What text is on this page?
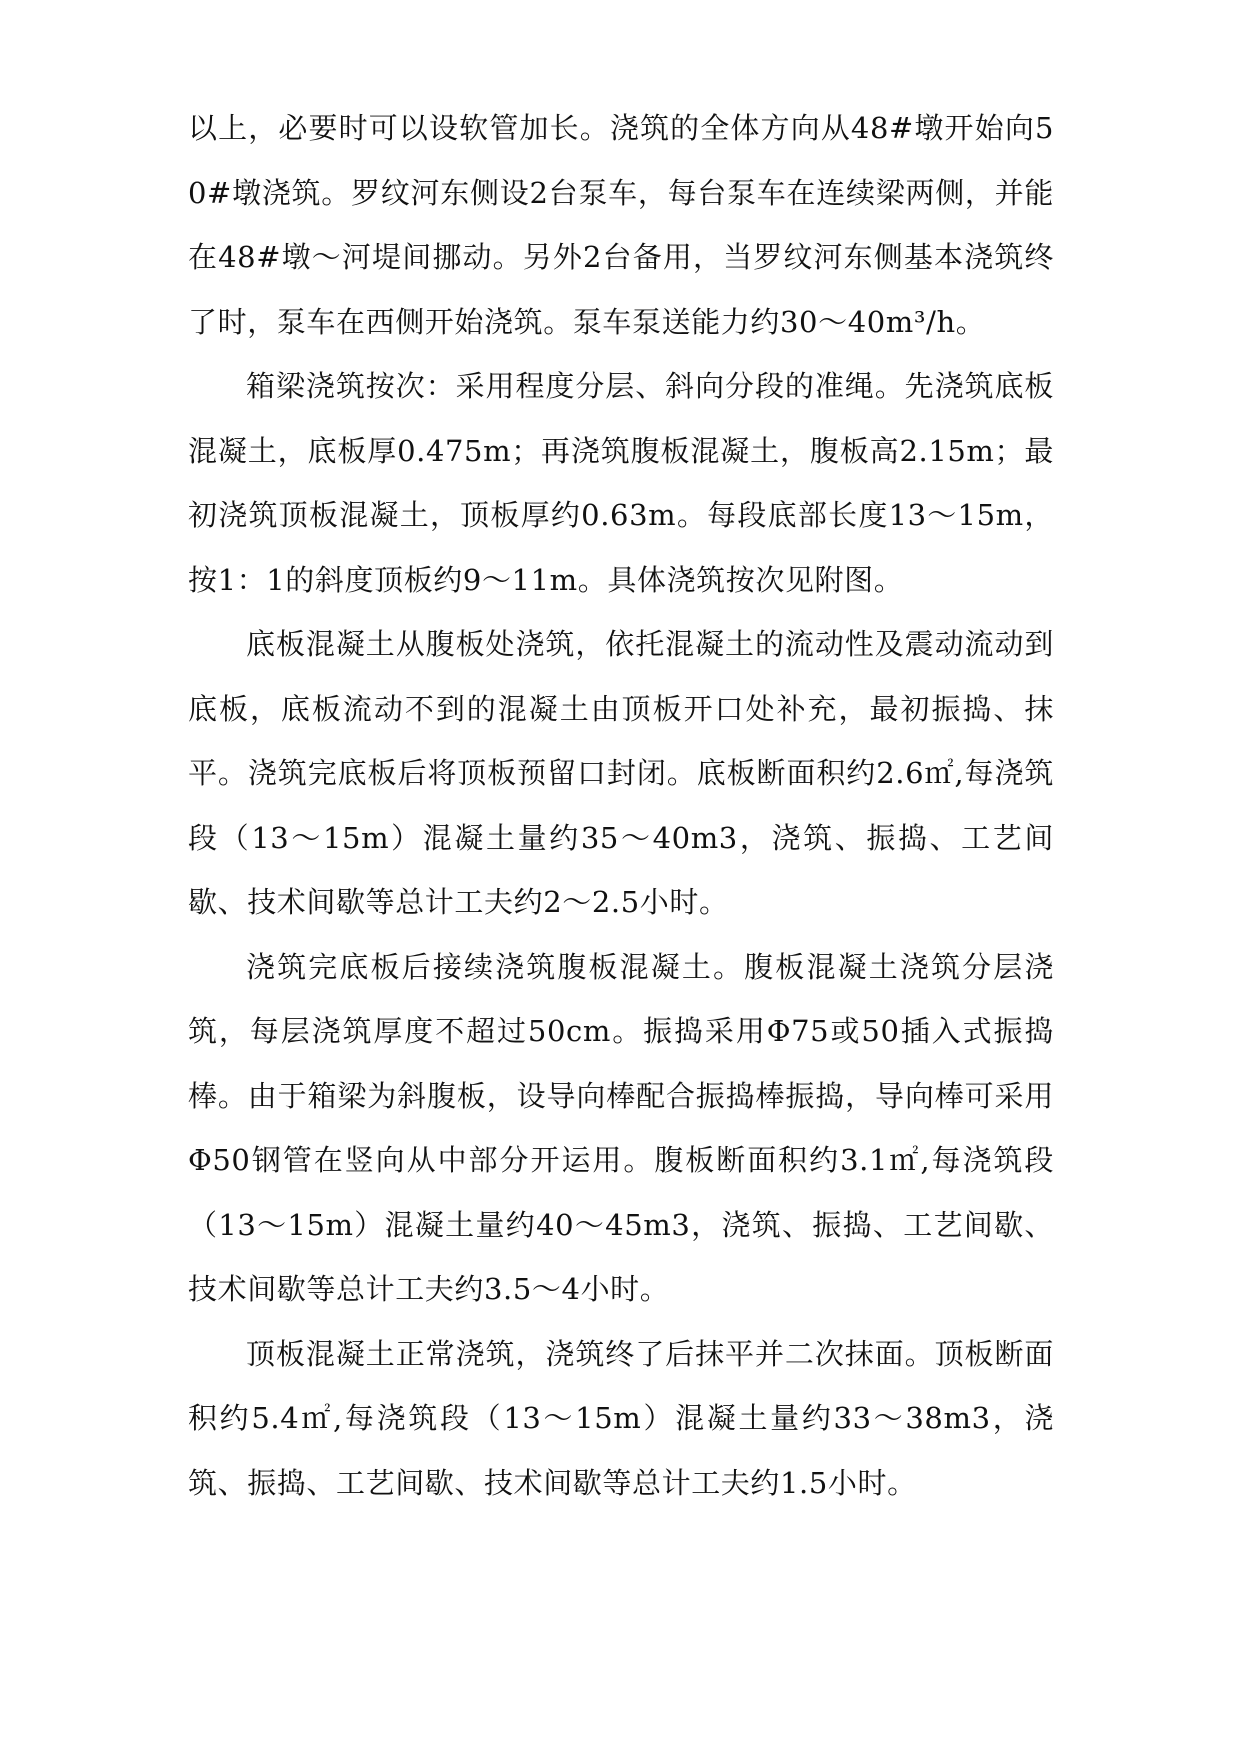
以上，必要时可以设软管加长。浇筑的全体方向从48#墩开始向50#墩浇筑。罗纹河东侧设2台泵车，每台泵车在连续梁两侧，并能在48#墩～河堤间挪动。另外2台备用，当罗纹河东侧基本浇筑终了时，泵车在西侧开始浇筑。泵车泵送能力约30～40m³/h。

箱梁浇筑按次：采用程度分层、斜向分段的准绳。先浇筑底板混凝土，底板厚0.475m；再浇筑腹板混凝土，腹板高2.15m；最初浇筑顶板混凝土，顶板厚约0.63m。每段底部长度13～15m，按1：1的斜度顶板约9～11m。具体浇筑按次见附图。

底板混凝土从腹板处浇筑，依托混凝土的流动性及震动流动到底板，底板流动不到的混凝土由顶板开口处补充，最初振捣、抹平。浇筑完底板后将顶板预留口封闭。底板断面积约2.6㎡,每浇筑段（13～15m）混凝土量约35～40m3，浇筑、振捣、工艺间歇、技术间歇等总计工夫约2～2.5小时。

浇筑完底板后接续浇筑腹板混凝土。腹板混凝土浇筑分层浇筑，每层浇筑厚度不超过50cm。振捣采用Φ75或50插入式振捣棒。由于箱梁为斜腹板，设导向棒配合振捣棒振捣，导向棒可采用Φ50钢管在竖向从中部分开运用。腹板断面积约3.1㎡,每浇筑段（13～15m）混凝土量约40～45m3，浇筑、振捣、工艺间歇、技术间歇等总计工夫约3.5～4小时。

顶板混凝土正常浇筑，浇筑终了后抹平并二次抹面。顶板断面积约5.4㎡,每浇筑段（13～15m）混凝土量约33～38m3，浇筑、振捣、工艺间歇、技术间歇等总计工夫约1.5小时。
